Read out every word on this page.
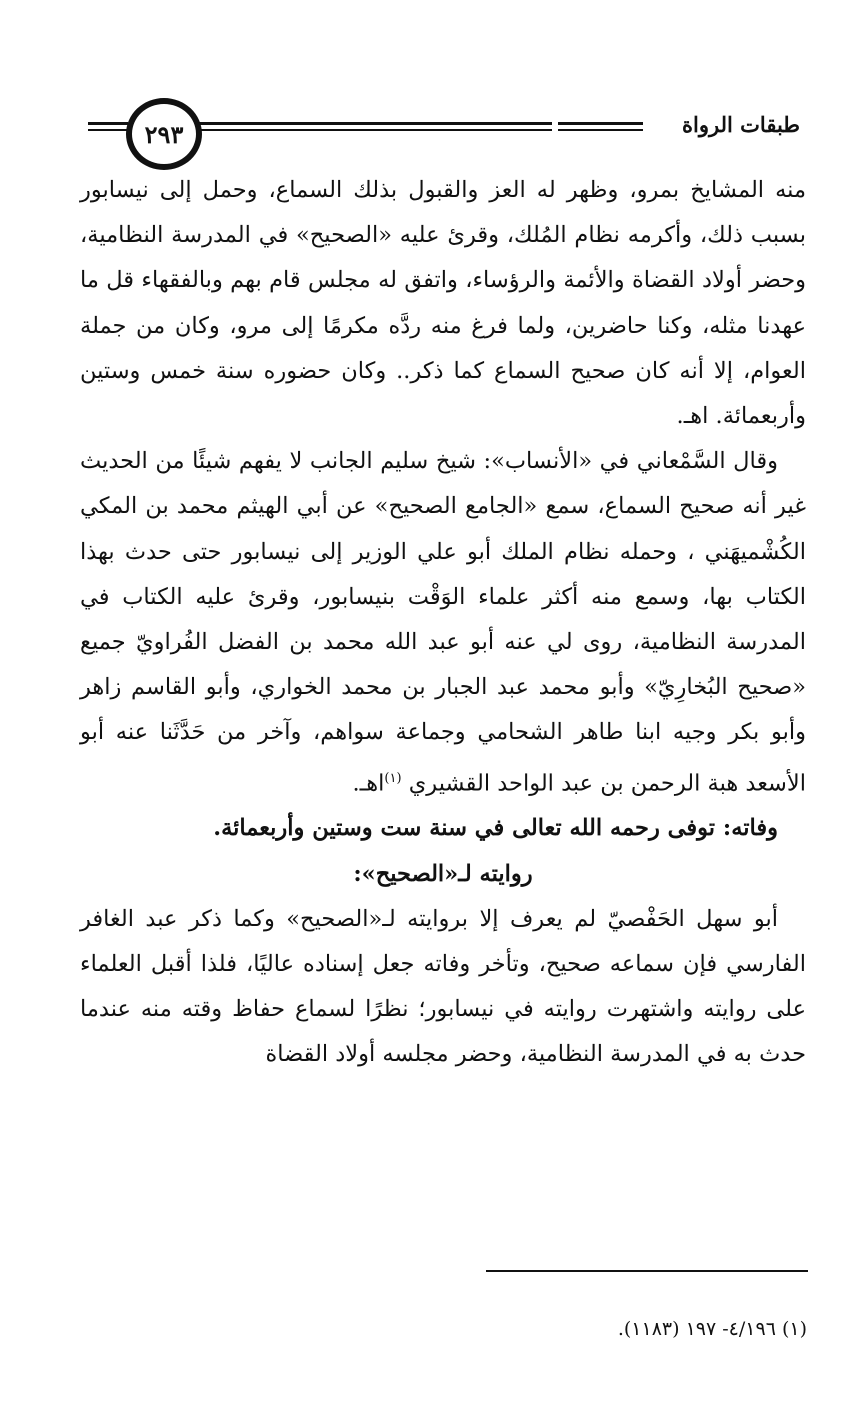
طبقات الرواة
٢٩٣

منه المشايخ بمرو، وظهر له العز والقبول بذلك السماع، وحمل إلى نيسابور بسبب ذلك، وأكرمه نظام المُلك، وقرئ عليه «الصحيح» في المدرسة النظامية، وحضر أولاد القضاة والأئمة والرؤساء، واتفق له مجلس قام بهم وبالفقهاء قل ما عهدنا مثله، وكنا حاضرين، ولما فرغ منه ردَّه مكرمًا إلى مرو، وكان من جملة العوام، إلا أنه كان صحيح السماع كما ذكر.. وكان حضوره سنة خمس وستين وأربعمائة. اهـ.

وقال السَّمْعاني في «الأنساب»: شيخ سليم الجانب لا يفهم شيئًا من الحديث غير أنه صحيح السماع، سمع «الجامع الصحيح» عن أبي الهيثم محمد بن المكي الكُشْميهَني ، وحمله نظام الملك أبو علي الوزير إلى نيسابور حتى حدث بهذا الكتاب بها، وسمع منه أكثر علماء الوَقْت بنيسابور، وقرئ عليه الكتاب في المدرسة النظامية، روى لي عنه أبو عبد الله محمد بن الفضل الفُراويّ جميع «صحيح البُخارِيّ» وأبو محمد عبد الجبار بن محمد الخواري، وأبو القاسم زاهر وأبو بكر وجيه ابنا طاهر الشحامي وجماعة سواهم، وآخر من حَدَّثَنا عنه أبو الأسعد هبة الرحمن بن عبد الواحد القشيري $^{(١)}$اهـ.

وفاته: توفى رحمه الله تعالى في سنة ست وستين وأربعمائة.

روايته لـ«الصحيح»:

أبو سهل الحَفْصيّ لم يعرف إلا بروايته لـ«الصحيح» وكما ذكر عبد الغافر الفارسي فإن سماعه صحيح، وتأخر وفاته جعل إسناده عاليًا، فلذا أقبل العلماء على روايته واشتهرت روايته في نيسابور؛ نظرًا لسماع حفاظ وقته منه عندما حدث به في المدرسة النظامية، وحضر مجلسه أولاد القضاة

(١) ٤/١٩٦- ١٩٧ (١١٨٣).
